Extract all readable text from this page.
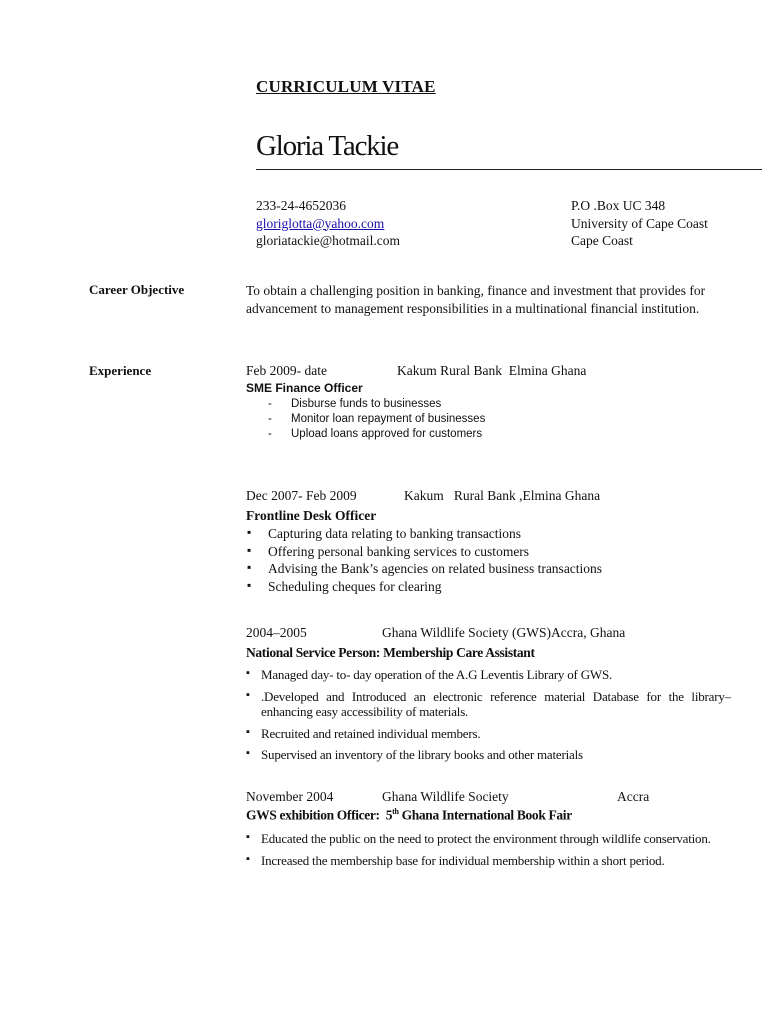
CURRICULUM VITAE
Gloria Tackie
233-24-4652036
gloriglotta@yahoo.com
gloriatackie@hotmail.com
P.O .Box UC 348
University of Cape Coast
Cape Coast
Career Objective	To obtain a challenging position in banking, finance and investment that provides for advancement to management responsibilities in a multinational financial institution.
Experience	Feb 2009- date	Kakum Rural Bank  Elmina Ghana
SME Finance Officer
- Disburse funds to businesses
- Monitor loan repayment of businesses
- Upload loans approved for customers
Dec 2007- Feb 2009	Kakum   Rural Bank ,Elmina Ghana
Frontline Desk Officer
▪ Capturing data relating to banking transactions
▪ Offering personal banking services to customers
▪ Advising the Bank’s agencies on related business transactions
▪ Scheduling cheques for clearing
2004–2005	Ghana Wildlife Society (GWS)Accra, Ghana
National Service Person: Membership Care Assistant
▪ Managed day- to- day operation of the A.G Leventis Library of GWS.
▪ .Developed and Introduced an electronic reference material Database for the library– enhancing easy accessibility of materials.
▪ Recruited and retained individual members.
▪ Supervised an inventory of the library books and other materials
November 2004	Ghana Wildlife Society	Accra
GWS exhibition Officer:  5th Ghana International Book Fair
▪ Educated the public on the need to protect the environment through wildlife conservation.
▪ Increased the membership base for individual membership within a short period.
